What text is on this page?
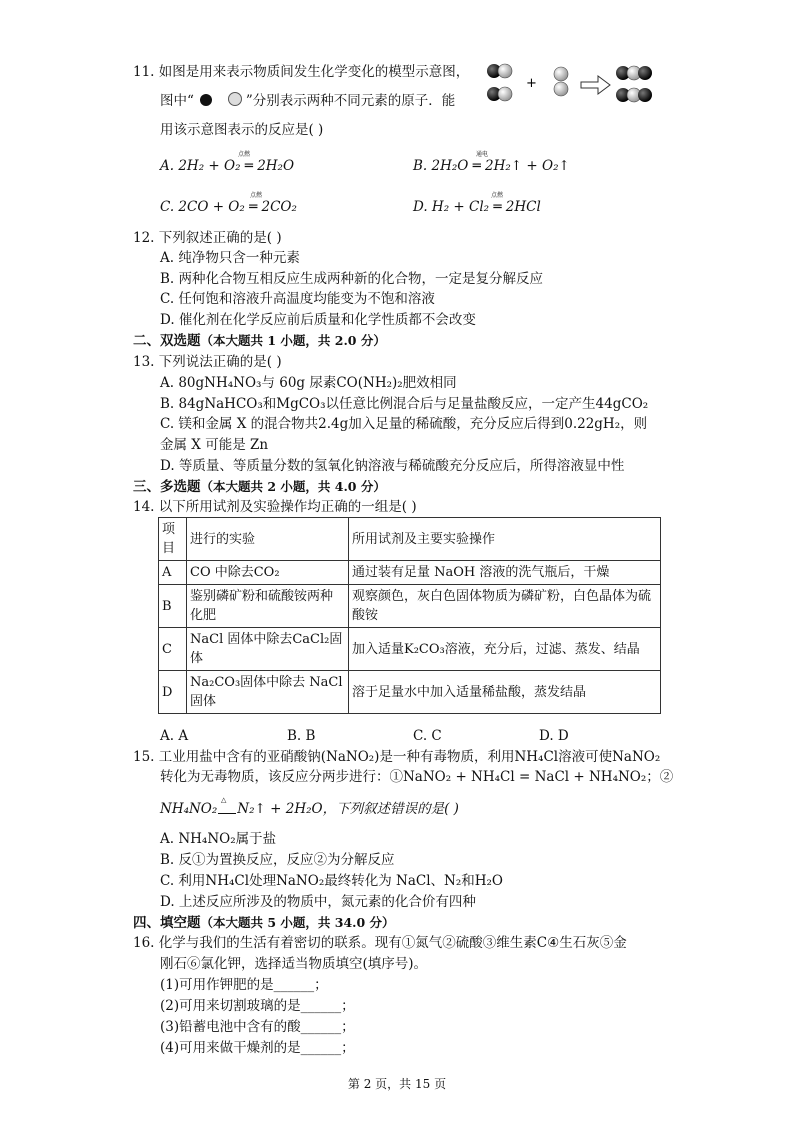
11. 如图是用来表示物质间发生化学变化的模型示意图，
图中“	”分别表示两种不同元素的原子．能
+
用该示意图表示的反应是( )
A. 2H₂ + O₂ ═ 2H₂O
点燃
B. 2H₂O ═ 2H₂↑ + O₂↑
通电
C. 2CO + O₂ ═ 2CO₂
点燃
D. H₂ + Cl₂ ═ 2HCl
点燃
12. 下列叙述正确的是( )
A. 纯净物只含一种元素
B. 两种化合物互相反应生成两种新的化合物，一定是复分解反应
C. 任何饱和溶液升高温度均能变为不饱和溶液
D. 催化剂在化学反应前后质量和化学性质都不会改变
二、双选题（本大题共 1 小题，共 2.0 分）
13. 下列说法正确的是( )
A. 80gNH₄NO₃与 60g 尿素CO(NH₂)₂肥效相同
B. 84gNaHCO₃和MgCO₃以任意比例混合后与足量盐酸反应，一定产生44gCO₂
C. 镁和金属 X 的混合物共2.4g加入足量的稀硫酸，充分反应后得到0.22gH₂，则
金属 X 可能是 Zn
D. 等质量、等质量分数的氢氧化钠溶液与稀硫酸充分反应后，所得溶液显中性
三、多选题（本大题共 2 小题，共 4.0 分）
14. 以下所用试剂及实验操作均正确的一组是( )
项目	进行的实验	所用试剂及主要实验操作
A	CO 中除去CO₂	通过装有足量 NaOH 溶液的洗气瓶后，干燥
B	鉴别磷矿粉和硫酸铵两种化肥	观察颜色，灰白色固体物质为磷矿粉，白色晶体为硫酸铵
C	NaCl 固体中除去CaCl₂固体	加入适量K₂CO₃溶液，充分后，过滤、蒸发、结晶
D	Na₂CO₃固体中除去 NaCl 固体	溶于足量水中加入适量稀盐酸，蒸发结晶
A. A	B. B	C. C	D. D
15. 工业用盐中含有的亚硝酸钠(NaNO₂)是一种有毒物质，利用NH₄Cl溶液可使NaNO₂
转化为无毒物质，该反应分两步进行：①NaNO₂ + NH₄Cl = NaCl + NH₄NO₂；②
△
NH₄NO₂ N₂↑ + 2H₂O，下列叙述错误的是( )
A. NH₄NO₂属于盐
B. 反①为置换反应，反应②为分解反应
C. 利用NH₄Cl处理NaNO₂最终转化为 NaCl、N₂和H₂O
D. 上述反应所涉及的物质中，氮元素的化合价有四种
四、填空题（本大题共 5 小题，共 34.0 分）
16. 化学与我们的生活有着密切的联系。现有①氮气②硫酸③维生素C④生石灰⑤金
刚石⑥氯化钾，选择适当物质填空(填序号)。
(1)可用作钾肥的是______；
(2)可用来切割玻璃的是______；
(3)铅蓄电池中含有的酸______；
(4)可用来做干燥剂的是______；
第 2 页，共 15 页
